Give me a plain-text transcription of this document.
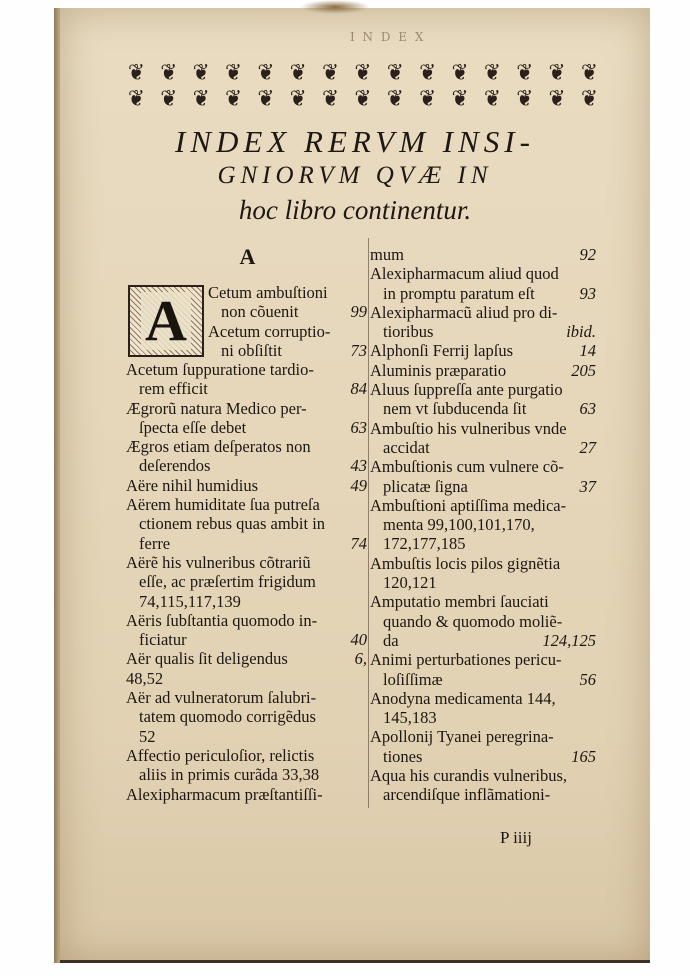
I N D E X
❦ ❦ ❦ ❦ ❦ ❦ ❦ ❦ ❦ ❦ ❦ ❦ ❦ ❦ ❦
❦ ❦ ❦ ❦ ❦ ❦ ❦ ❦ ❦ ❦ ❦ ❦ ❦ ❦ ❦
INDEX RERVM INSI-
GNIORVM QVÆ IN
hoc libro continentur.
A
A Cetum ambuſtioni
non cõuenit	99
Acetum corruptio-
ni obſiſtit	73
Acetum ſuppuratione tardio-
rem efficit	84
Ægrorũ natura Medico per-
ſpecta eſſe debet	63
Ægros etiam deſperatos non
deſerendos	43
Aëre nihil humidius	49
Aërem humiditate ſua putreſa
ctionem rebus quas ambit in
ferre	74
Aërẽ his vulneribus cõtrariũ
eſſe, ac præſertim frigidum
74,115,117,139
Aëris ſubſtantia quomodo in-
ficiatur	40
Aër qualis ſit deligendus	6,
48,52
Aër ad vulneratorum ſalubri-
tatem quomodo corrigẽdus
52
Affectio periculoſior, relictis
aliis in primis curãda 33,38
Alexipharmacum præſtantiſſi-
mum	92
Alexipharmacum aliud quod
in promptu paratum eſt	93
Alexipharmacũ aliud pro di-
tioribus	ibid.
Alphonſi Ferrij lapſus	14
Aluminis præparatio	205
Aluus ſuppreſſa ante purgatio
nem vt ſubducenda ſit	63
Ambuſtio his vulneribus vnde
accidat	27
Ambuſtionis cum vulnere cõ-
plicatæ ſigna	37
Ambuſtioni aptiſſima medica-
menta 99,100,101,170,
172,177,185
Ambuſtis locis pilos gignẽtia
120,121
Amputatio membri ſauciati
quando & quomodo moliẽ-
da	124,125
Animi perturbationes pericu-
loſiſſimæ	56
Anodyna medicamenta 144,
145,183
Apollonij Tyanei peregrina-
tiones	165
Aqua his curandis vulneribus,
arcendiſque inflãmationi-
P iiij
